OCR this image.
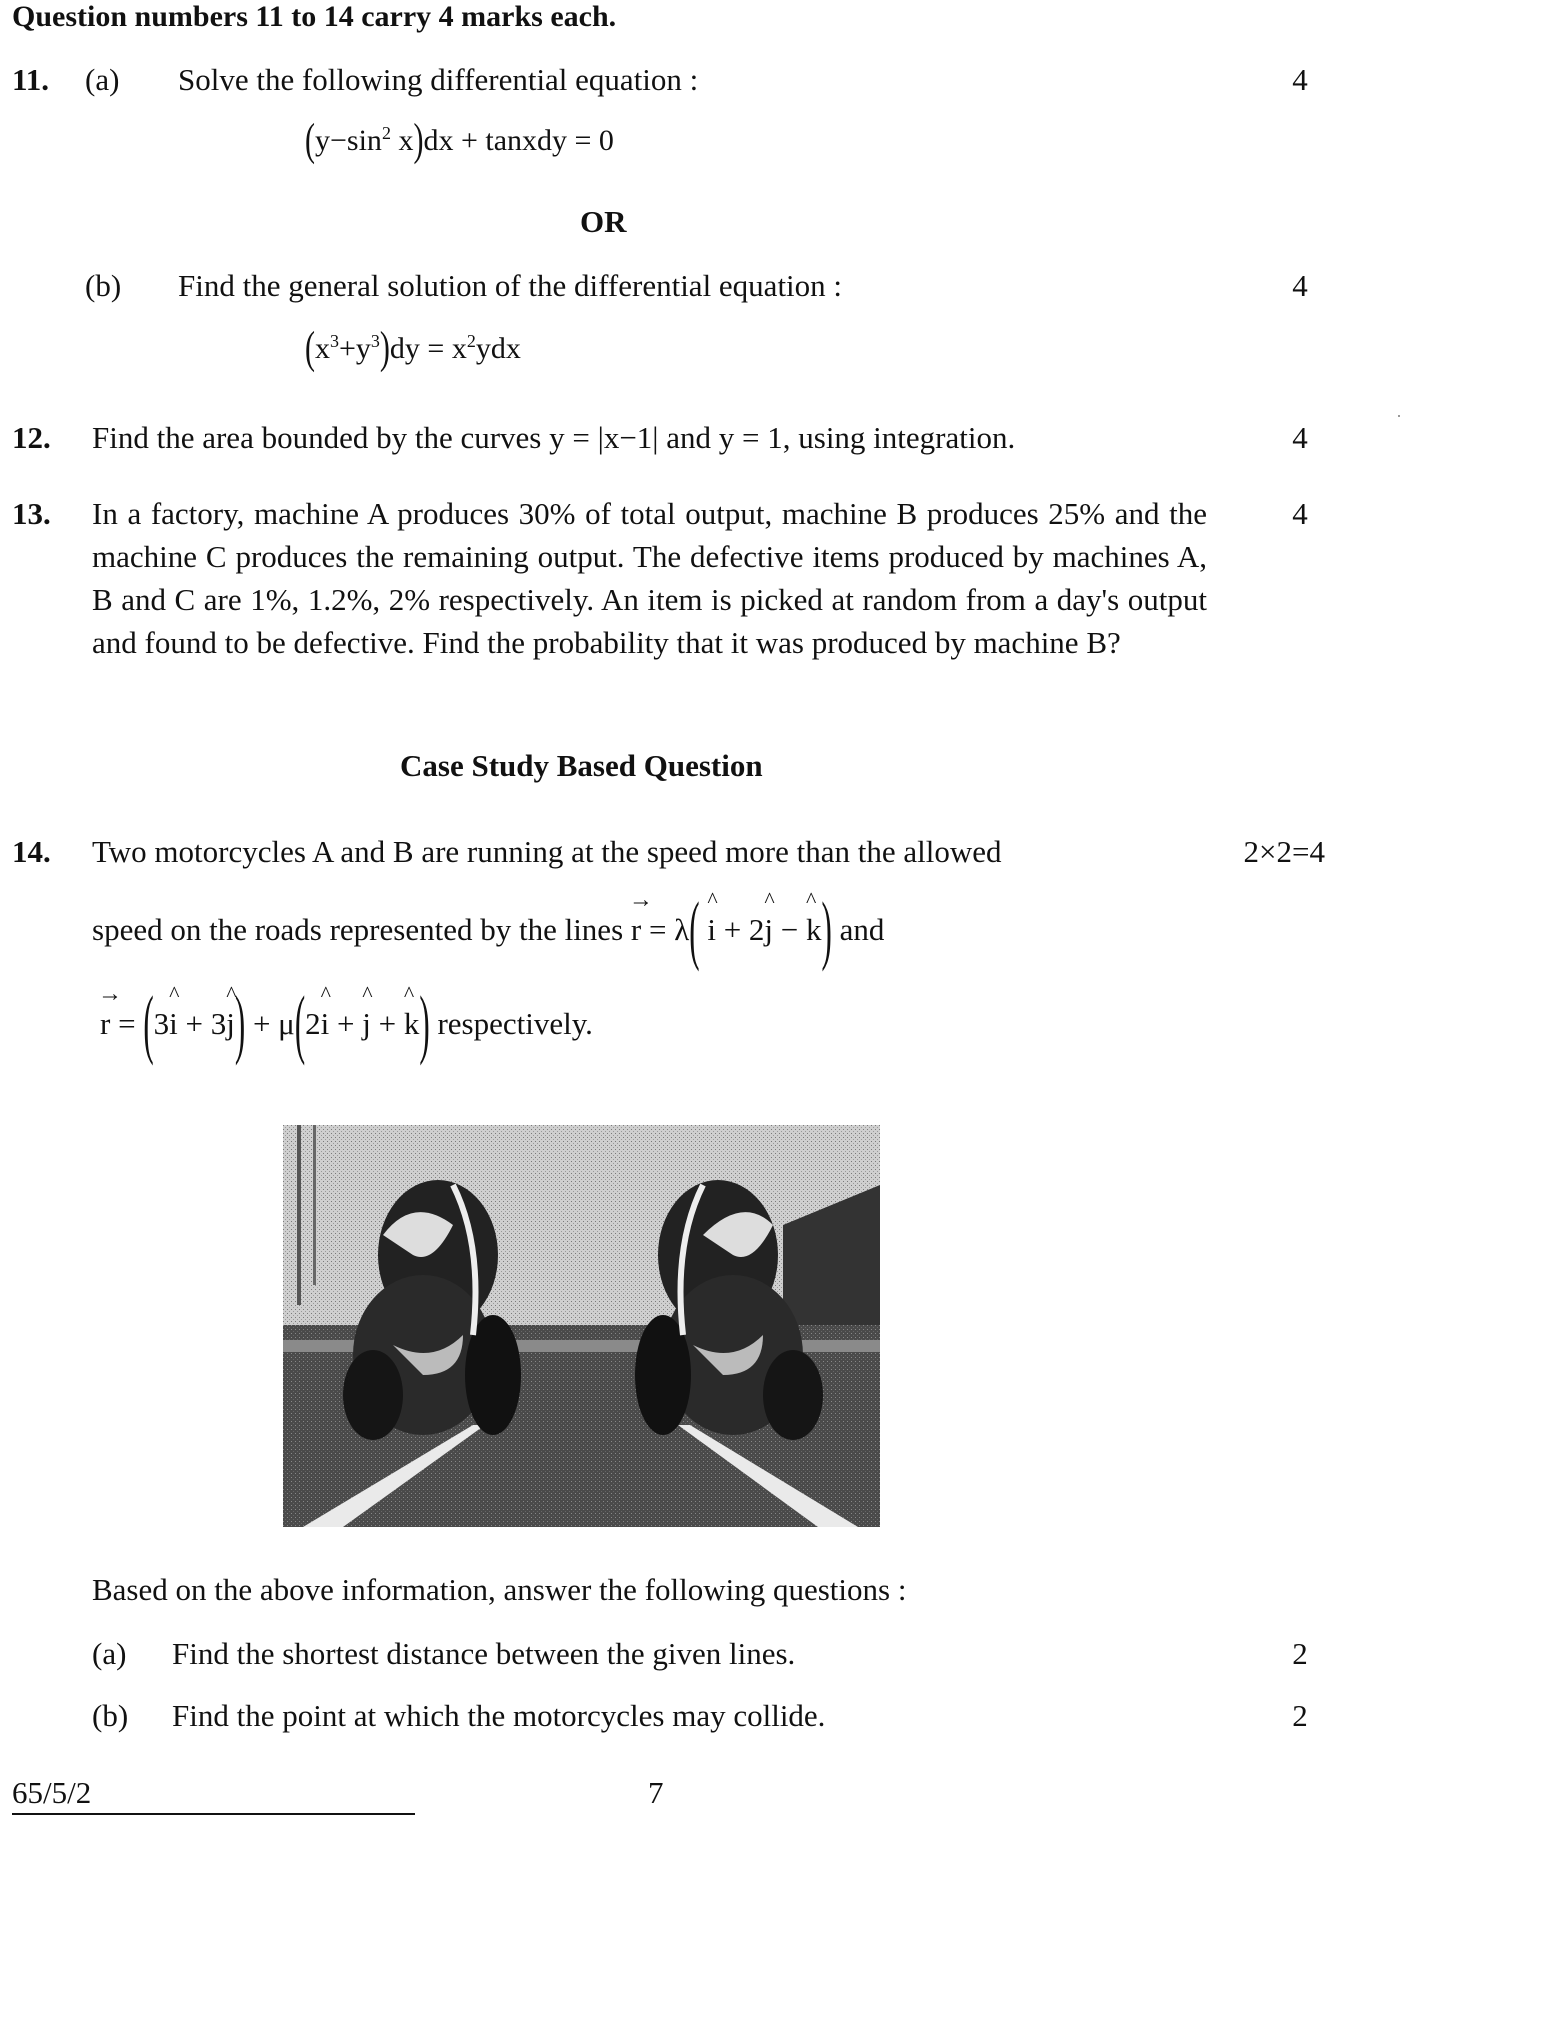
Question numbers 11 to 14 carry 4 marks each.
11. (a) Solve the following differential equation :	4
($y-\sin^2$ x)dx + tanxdy = 0
OR
(b) Find the general solution of the differential equation :	4
$(x^3+y^3)dy = x^2ydx$
12. Find the area bounded by the curves y = |x−1| and y = 1, using integration.	4
13. In a factory, machine A produces 30% of total output, machine B produces 25% and the machine C produces the remaining output. The defective items produced by machines A, B and C are 1%, 1.2%, 2% respectively. An item is picked at random from a day's output and found to be defective. Find the probability that it was produced by machine B?
4
Case Study Based Question
14. Two motorcycles A and B are running at the speed more than the allowed	2×2=4
speed on the roads represented by the lines
→
r = λ( ^
i + 2
^
j −
^
k) and
→
r = (3
^
i + 3
^
j) + μ(2
^
i +
^
j +
^
k) respectively.
Based on the above information, answer the following questions :
(a) Find the shortest distance between the given lines.	2
(b) Find the point at which the motorcycles may collide.	2
65/5/2	7
